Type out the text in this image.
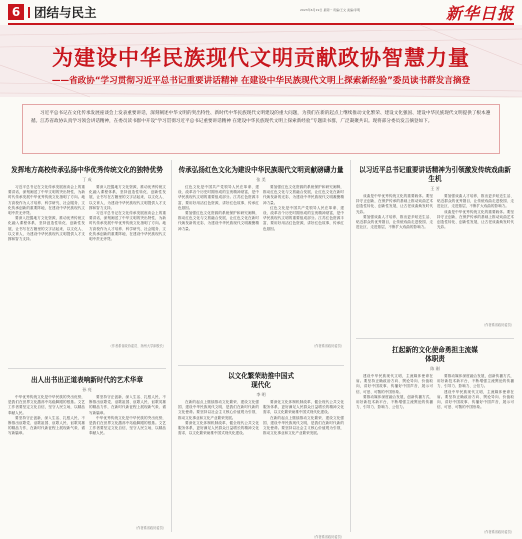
6	团结与民主	2023年6月19日 星期一 责编/王文 美编/李明	新华日报
为建设中华民族现代文明贡献政协智慧力量
——省政协“学习贯彻习近平总书记重要讲话精神 在建设中华民族现代文明上探索新经验”委员读书群发言摘登

习近平总书记在文化传承发展座谈会上发表重要讲话，深刻阐述中华文明的突出特性、新时代中华民族现代文明建设的重大问题，为我们在新的起点上继续推动文化繁荣、建设文化强国、建设中华民族现代文明提供了根本遵循。江苏省政协认真学习领会讲话精神，在委员读书群中开设“学习贯彻习近平总书记重要讲话精神 在建设中华民族现代文明上探索新经验”专题读书群，广泛凝聚共识。现将部分委员发言摘登如下。

发挥地方高校传承弘扬中华优秀传统文化的独特优势

丁 成

习近平总书记在文化传承发展座谈会上的重要讲话，深刻阐述了中华文明的突出特性，为新时代传承发展中华优秀传统文化指明了方向。地方高校作为人才培养、科学研究、社会服务、文化传承创新的重要阵地，在建设中华民族现代文明中责无旁贷。

要深入挖掘地方文化资源，推动优秀传统文化融入课程体系，坚持创造性转化、创新性发展，让书写在古籍里的文字活起来，以文化人、以文育人，为建设中华民族现代文明提供人才支撑和智力支持。

要深入挖掘地方文化资源，推动优秀传统文化融入课程体系，坚持创造性转化、创新性发展，让书写在古籍里的文字活起来，以文化人、以文育人，为建设中华民族现代文明提供人才支撑和智力支持。

习近平总书记在文化传承发展座谈会上的重要讲话，深刻阐述了中华文明的突出特性，为新时代传承发展中华优秀传统文化指明了方向。地方高校作为人才培养、科学研究、社会服务、文化传承创新的重要阵地，在建设中华民族现代文明中责无旁贷。

（作者系省政协委员、扬州大学副校长）

出人出书出正道表响新时代的艺术华章

孙 亮

中华优秀传统文化是中华民族的突出优势，是我们在世界文化激荡中站稳脚跟的根基。文艺工作者要坚定文化自信，坚守人民立场，以精品奉献人民。

要坚持守正创新，深入生活、扎根人民，不断推出讴歌党、讴歌祖国、讴歌人民、讴歌英雄的精品力作，在新时代新征程上展现新气象、谱写新篇章。

要坚持守正创新，深入生活、扎根人民，不断推出讴歌党、讴歌祖国、讴歌人民、讴歌英雄的精品力作，在新时代新征程上展现新气象、谱写新篇章。

中华优秀传统文化是中华民族的突出优势，是我们在世界文化激荡中站稳脚跟的根基。文艺工作者要坚定文化自信，坚守人民立场，以精品奉献人民。

（作者系省政协委员）

传承弘扬红色文化为建设中华民族现代文明贡献磅礴力量

张 美

红色文化是中国共产党领导人民在革命、建设、改革各个历史时期形成的宝贵精神财富，是中华民族现代文明的重要组成部分。江苏红色资源丰富，要用好用活红色资源，讲好红色故事，传承红色基因。

要加强红色文化资源的系统保护和研究阐释，推动红色文化与文旅融合发展，让红色文化在新时代焕发新的光彩，为建设中华民族现代文明凝聚精神力量。

要加强红色文化资源的系统保护和研究阐释，推动红色文化与文旅融合发展，让红色文化在新时代焕发新的光彩，为建设中华民族现代文明凝聚精神力量。

红色文化是中国共产党领导人民在革命、建设、改革各个历史时期形成的宝贵精神财富，是中华民族现代文明的重要组成部分。江苏红色资源丰富，要用好用活红色资源，讲好红色故事，传承红色基因。

（作者系省政协委员）

以文化繁荣助推中国式现代化

李 明

在新的起点上继续推动文化繁荣、建设文化强国、建设中华民族现代文明，是我们在新时代新的文化使命。要坚持以社会主义核心价值观为引领，推动文化事业和文化产业繁荣发展。

要深化文化体制机制改革，健全现代公共文化服务体系，更好满足人民群众日益增长的精神文化需求，以文化繁荣助推中国式现代化建设。

要深化文化体制机制改革，健全现代公共文化服务体系，更好满足人民群众日益增长的精神文化需求，以文化繁荣助推中国式现代化建设。

在新的起点上继续推动文化繁荣、建设文化强国、建设中华民族现代文明，是我们在新时代新的文化使命。要坚持以社会主义核心价值观为引领，推动文化事业和文化产业繁荣发展。

（作者系省政协委员）

以习近平总书记重要讲话精神为引领激发传统戏曲新生机

王 芳

戏曲是中华优秀传统文化的重要载体。要坚持守正创新，在保护传承的基础上推动戏曲艺术创造性转化、创新性发展，让古老戏曲焕发时代光彩。

要加强戏曲人才培养，推出更多贴近生活、贴近群众的优秀剧目，让传统戏曲走进校园、走进社区、走进基层，不断扩大戏曲的影响力。

要加强戏曲人才培养，推出更多贴近生活、贴近群众的优秀剧目，让传统戏曲走进校园、走进社区、走进基层，不断扩大戏曲的影响力。

戏曲是中华优秀传统文化的重要载体。要坚持守正创新，在保护传承的基础上推动戏曲艺术创造性转化、创新性发展，让古老戏曲焕发时代光彩。

（作者系省政协委员）

扛起新的文化使命勇担主流媒体职责

陈 刚

建设中华民族现代文明，主流媒体使命在肩。要坚持正确政治方向、舆论导向、价值取向，讲好中国故事、传播好中国声音，展示可信、可爱、可敬的中国形象。

要推动媒体深度融合发展，创新传播方式，用好新技术新平台，不断增强主流舆论的传播力、引导力、影响力、公信力。

要推动媒体深度融合发展，创新传播方式，用好新技术新平台，不断增强主流舆论的传播力、引导力、影响力、公信力。

建设中华民族现代文明，主流媒体使命在肩。要坚持正确政治方向、舆论导向、价值取向，讲好中国故事、传播好中国声音，展示可信、可爱、可敬的中国形象。

（作者系省政协委员）
